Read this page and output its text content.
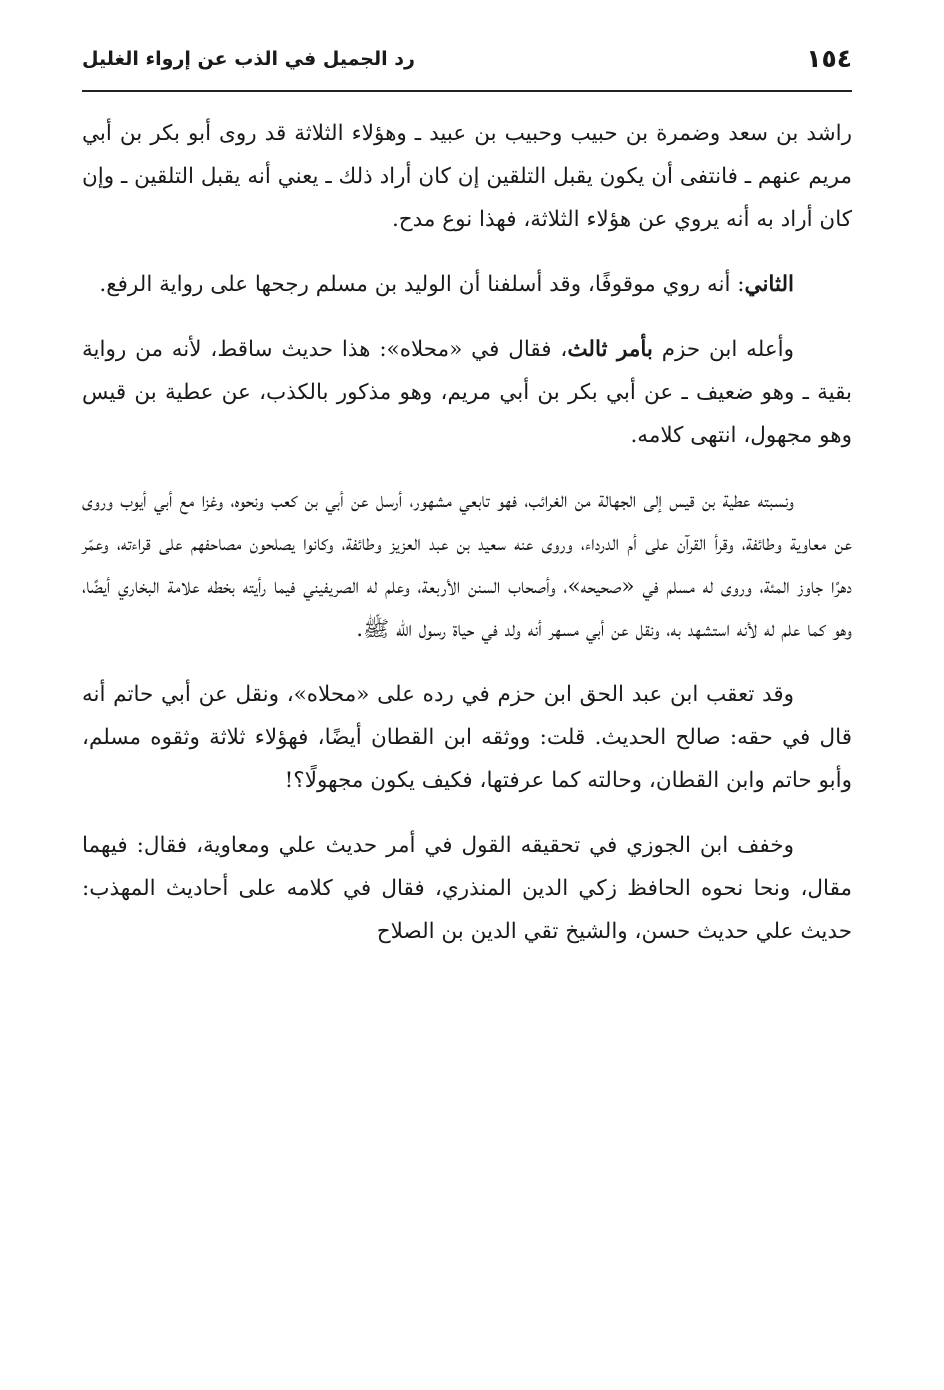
١٥٤
رد الجميل في الذب عن إرواء الغليل

راشد بن سعد وضمرة بن حبيب وحبيب بن عبيد ـ وهؤلاء الثلاثة قد روى أبو بكر بن أبي مريم عنهم ـ فانتفى أن يكون يقبل التلقين إن كان أراد ذلك ـ يعني أنه يقبل التلقين ـ وإن كان أراد به أنه يروي عن هؤلاء الثلاثة، فهذا نوع مدح.

الثاني: أنه روي موقوفًا، وقد أسلفنا أن الوليد بن مسلم رجحها على رواية الرفع.

وأعله ابن حزم بأمر ثالث، فقال في «محلاه»: هذا حديث ساقط، لأنه من رواية بقية ـ وهو ضعيف ـ عن أبي بكر بن أبي مريم، وهو مذكور بالكذب، عن عطية بن قيس وهو مجهول، انتهى كلامه.

ونسبته عطية بن قيس إلى الجهالة من الغرائب، فهو تابعي مشهور، أرسل عن أبي بن كعب ونحوه، وغزا مع أبي أيوب وروى عن معاوية وطائفة، وقرأ القرآن على أم الدرداء، وروى عنه سعيد بن عبد العزيز وطائفة، وكانوا يصلحون مصاحفهم على قراءته، وعمّر دهرًا جاوز المئة، وروى له مسلم في «صحيحه»، وأصحاب السنن الأربعة، وعلم له الصريفيني فيما رأيته بخطه علامة البخاري أيضًا، وهو كما علم له لأنه استشهد به، ونقل عن أبي مسهر أنه ولد في حياة رسول الله ﷺ.

وقد تعقب ابن عبد الحق ابن حزم في رده على «محلاه»، ونقل عن أبي حاتم أنه قال في حقه: صالح الحديث. قلت: ووثقه ابن القطان أيضًا، فهؤلاء ثلاثة وثقوه مسلم، وأبو حاتم وابن القطان، وحالته كما عرفتها، فكيف يكون مجهولًا؟!

وخفف ابن الجوزي في تحقيقه القول في أمر حديث علي ومعاوية، فقال: فيهما مقال، ونحا نحوه الحافظ زكي الدين المنذري، فقال في كلامه على أحاديث المهذب: حديث علي حديث حسن، والشيخ تقي الدين بن الصلاح
